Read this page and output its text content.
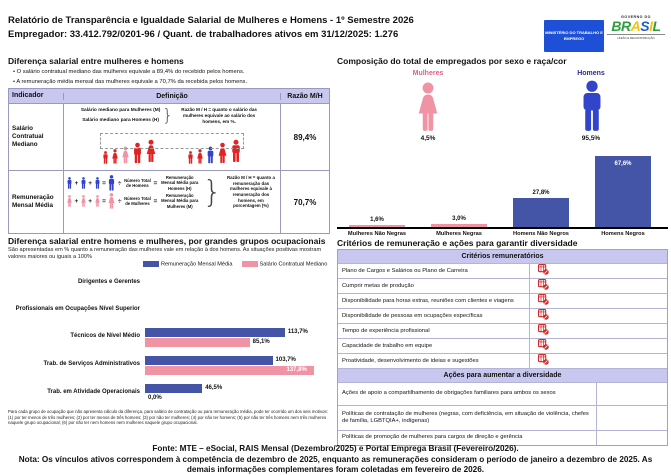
Relatório de Transparência e Igualdade Salarial de Mulheres e Homens - 1º Semestre 2026
Empregador: 33.412.792/0201-96 / Quant. de trabalhadores ativos em 31/12/2025: 1.276	MINISTÉRIO DO TRABALHO E EMPREGO
GOVERNO DO
BRASIL
UNIÃO E RECONSTRUÇÃO
Diferença salarial entre mulheres e homens
• O salário contratual mediano das mulheres equivale a 89,4% do recebido pelos homens.
• A remuneração média mensal das mulheres equivale a 70,7% da recebida pelos homens.
Indicador	Definição	Razão M/H
Salário Contratual Mediano
Salário mediano para Mulheres (M)
Salário mediano para Homens (H) }	Razão M / H = quanto o salário das mulheres equivale ao salário dos homens, em %.
89,4%
Remuneração Mensal Média
+ + = ÷ Número Total de Homens =
Remuneração Mensal Média para Homens (H)
+ + = ÷ Número Total de Mulheres =
Remuneração Mensal Média para Mulheres (M) }	Razão M / H = quanto a remuneração das mulheres equivale à remuneração dos homens, em porcentagem (%)	70,7%
Diferença salarial entre homens e mulheres, por grandes grupos ocupacionais
São apresentadas em % quanto a remuneração das mulheres vale em relação à dos homens. As situações positivas mostram valores maiores ou iguais a 100%
Remuneração Mensal Média	Salário Contratual Mediano
Dirigentes e Gerentes
Profissionais em Ocupações Nível Superior
Técnicos de Nível Médio
113,7%
85,1%
Trab. de Serviços Administrativos
103,7%
137,8%
Trab. em Atividade Operacionais
46,5%
0,0%
Para cada grupo de ocupação que não apresenta cálculo da diferença, para salário de contratação ou para remuneração média, pode ter ocorrido um dos seis motivos:(1) por ter menos de três mulheres; (2) por ter menos de três homens; (3) por não ter mulheres; (4) por não ter homens; (5) por não ter três homens nem três mulheres naquele grupo ocupacional; (6) por não ter nem homens nem mulheres naquele grupo ocupacional.
Composição do total de empregados por sexo e raça/cor
Mulheres
4,5%
Homens
95,5%
1,6%
Mulheres Não Negras
3,0%
Mulheres Negras
27,8%
Homens Não Negros
67,6%
Homens Negros
Critérios de remuneração e ações para garantir diversidade
Critérios remuneratórios
Plano de Cargos e Salários ou Plano de Carreira
Cumprir metas de produção
Disponibilidade para horas extras, reuniões com clientes e viagens
Disponibilidade de pessoas em ocupações específicas
Tempo de experiência profissional
Capacidade de trabalho em equipe
Proatividade, desenvolvimento de ideias e sugestões
Ações para aumentar a diversidade
Ações de apoio a compartilhamento de obrigações familiares para ambos os sexos
Políticas de contratação de mulheres (negras, com deficiência, em situação de violência, chefes de família, LGBTQIA+, indígenas)
Políticas de promoção de mulheres para cargos de direção e gerência
Fonte: MTE – eSocial, RAIS Mensal (Dezembro/2025) e Portal Emprega Brasil (Fevereiro/2026).
Nota: Os vínculos ativos correspondem à competência de dezembro de 2025, enquanto as remunerações consideram o período de janeiro a dezembro de 2025. As demais informações complementares foram coletadas em fevereiro de 2026.
